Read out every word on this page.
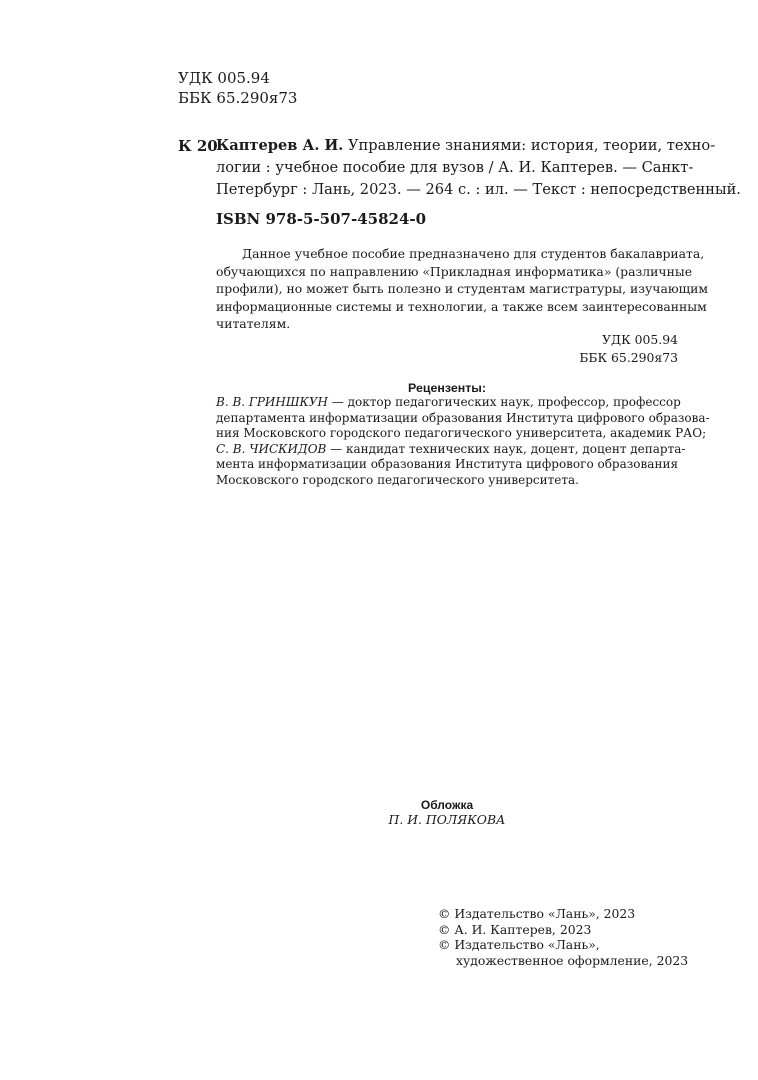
УДК 005.94
ББК 65.290я73
К 20
Каптерев А. И. Управление знаниями: история, теории, техно-
логии : учебное пособие для вузов / А. И. Каптерев. — Санкт-
Петербург : Лань, 2023. — 264 с. : ил. — Текст : непосредственный.
ISBN 978-5-507-45824-0
Данное учебное пособие предназначено для студентов бакалавриата,
обучающихся по направлению «Прикладная информатика» (различные
профили), но может быть полезно и студентам магистратуры, изучающим
информационные системы и технологии, а также всем заинтересованным
читателям.
УДК 005.94
ББК 65.290я73
Рецензенты:
В. В. ГРИНШКУН — доктор педагогических наук, профессор, профессор
департамента информатизации образования Института цифрового образова-
ния Московского городского педагогического университета, академик РАО;
С. В. ЧИСКИДОВ — кандидат технических наук, доцент, доцент департа-
мента информатизации образования Института цифрового образования
Московского городского педагогического университета.
Обложка
П. И. ПОЛЯКОВА
© Издательство «Лань», 2023
© А. И. Каптерев, 2023
© Издательство «Лань»,
художественное оформление, 2023
